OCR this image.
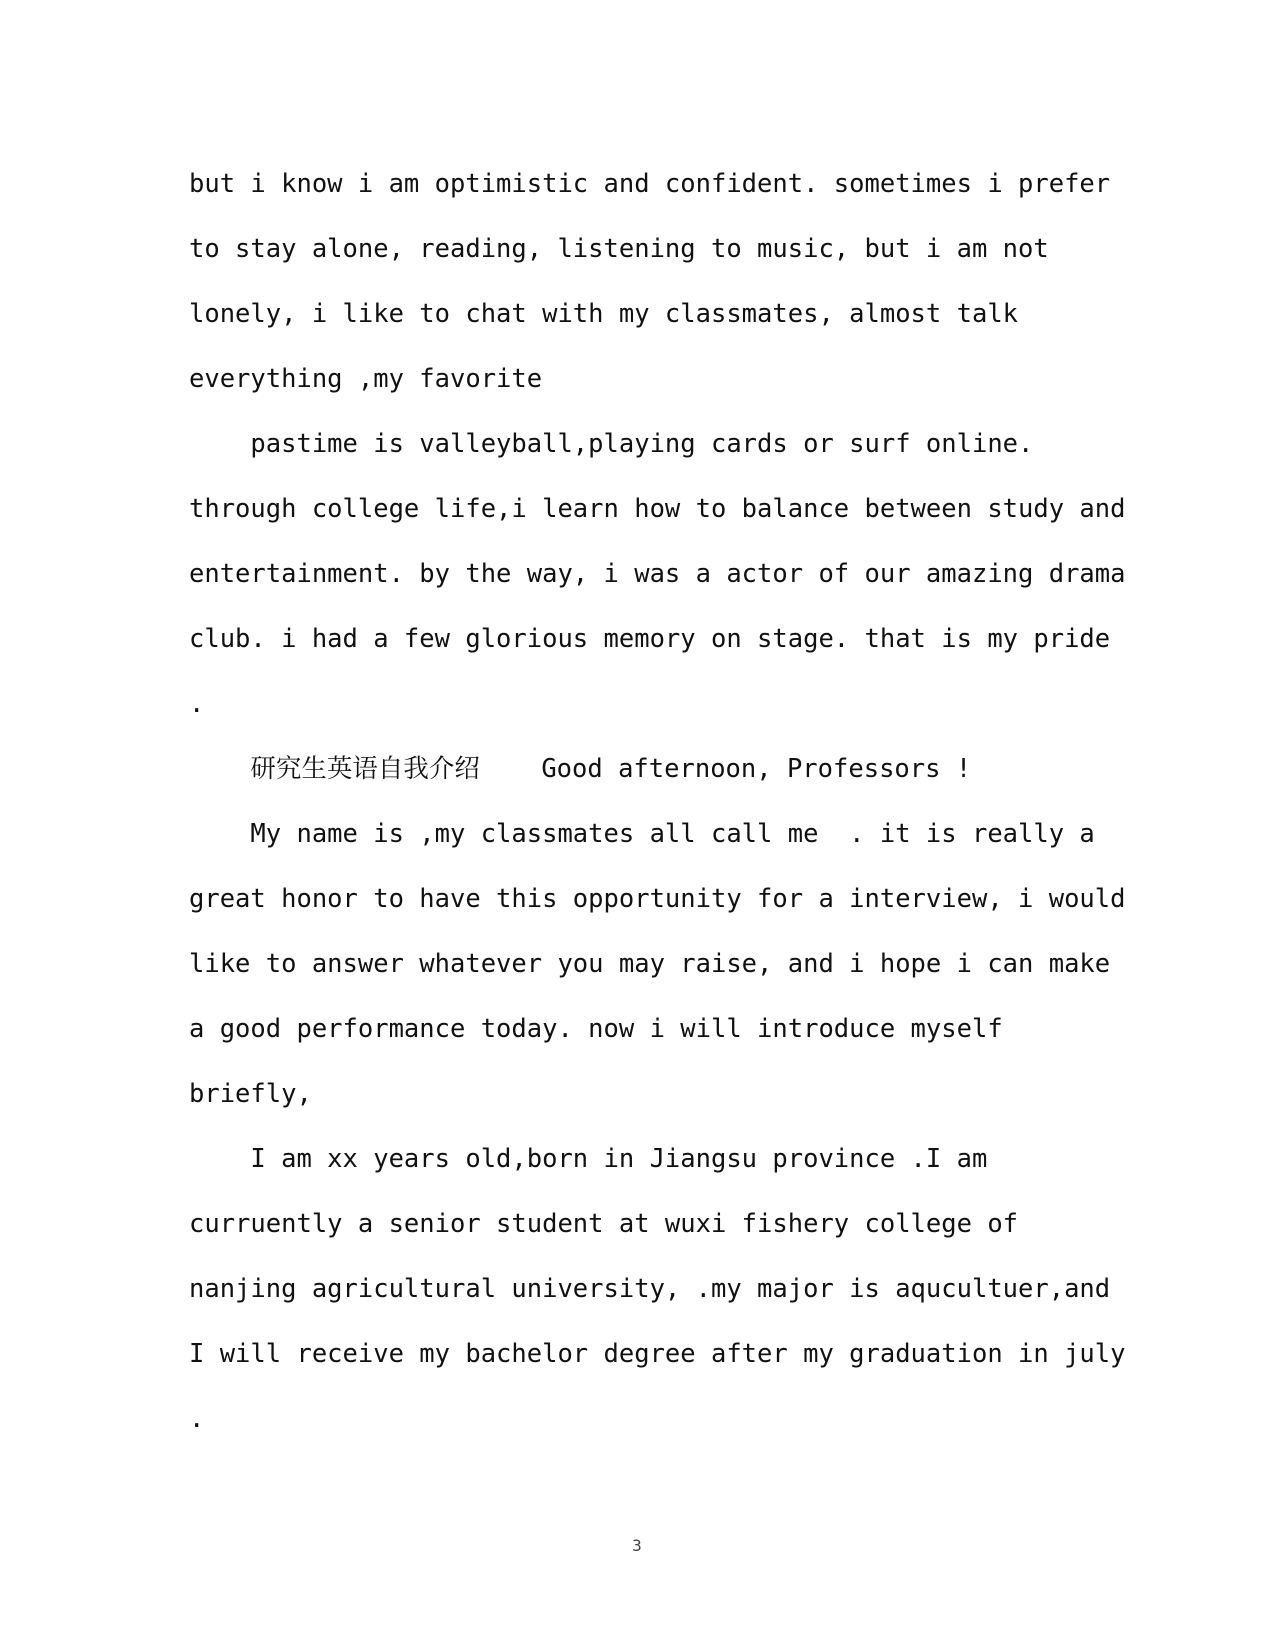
but i know i am optimistic and confident. sometimes i prefer
to stay alone, reading, listening to music, but i am not
lonely, i like to chat with my classmates, almost talk
everything ,my favorite
pastime is valleyball,playing cards or surf online.
through college life,i learn how to balance between study and
entertainment. by the way, i was a actor of our amazing drama
club. i had a few glorious memory on stage. that is my pride
.
研究生英语自我介绍    Good afternoon, Professors !
My name is ,my classmates all call me  . it is really a
great honor to have this opportunity for a interview, i would
like to answer whatever you may raise, and i hope i can make
a good performance today. now i will introduce myself
briefly,
I am xx years old,born in Jiangsu province .I am
curruently a senior student at wuxi fishery college of
nanjing agricultural university, .my major is aqucultuer,and
I will receive my bachelor degree after my graduation in july
.
3
